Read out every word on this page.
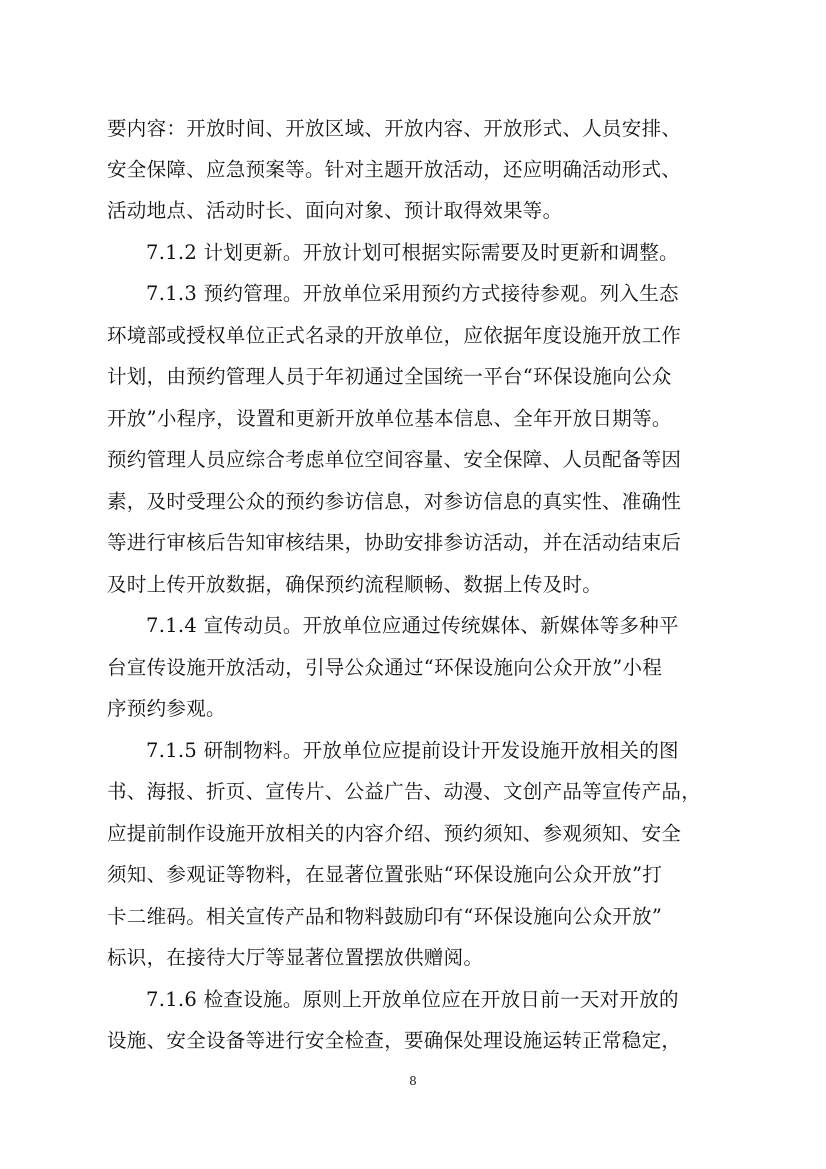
要内容：开放时间、开放区域、开放内容、开放形式、人员安排、
安全保障、应急预案等。针对主题开放活动，还应明确活动形式、
活动地点、活动时长、面向对象、预计取得效果等。
7.1.2 计划更新。开放计划可根据实际需要及时更新和调整。
7.1.3 预约管理。开放单位采用预约方式接待参观。列入生态
环境部或授权单位正式名录的开放单位，应依据年度设施开放工作
计划，由预约管理人员于年初通过全国统一平台“环保设施向公众
开放”小程序，设置和更新开放单位基本信息、全年开放日期等。
预约管理人员应综合考虑单位空间容量、安全保障、人员配备等因
素，及时受理公众的预约参访信息，对参访信息的真实性、准确性
等进行审核后告知审核结果，协助安排参访活动，并在活动结束后
及时上传开放数据，确保预约流程顺畅、数据上传及时。
7.1.4 宣传动员。开放单位应通过传统媒体、新媒体等多种平
台宣传设施开放活动，引导公众通过“环保设施向公众开放”小程
序预约参观。
7.1.5 研制物料。开放单位应提前设计开发设施开放相关的图
书、海报、折页、宣传片、公益广告、动漫、文创产品等宣传产品，
应提前制作设施开放相关的内容介绍、预约须知、参观须知、安全
须知、参观证等物料，在显著位置张贴“环保设施向公众开放”打
卡二维码。相关宣传产品和物料鼓励印有“环保设施向公众开放”
标识，在接待大厅等显著位置摆放供赠阅。
7.1.6 检查设施。原则上开放单位应在开放日前一天对开放的
设施、安全设备等进行安全检查，要确保处理设施运转正常稳定，
8
